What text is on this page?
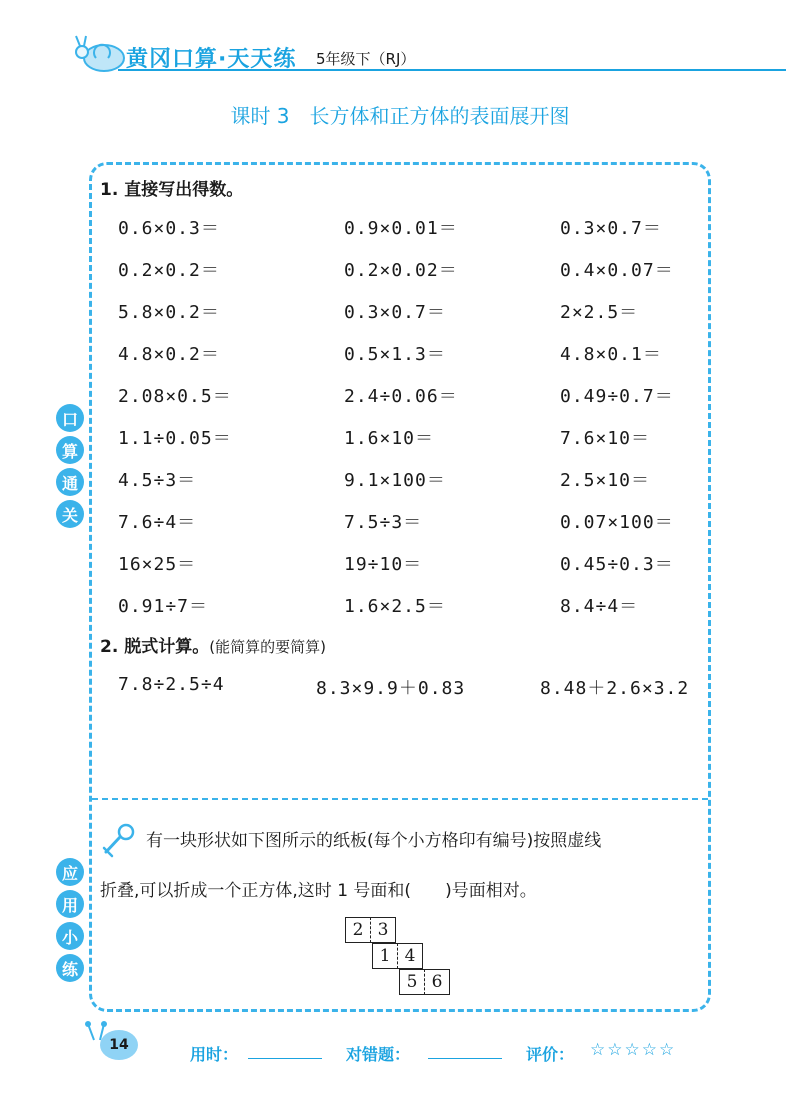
黄冈口算·天天练 5年级下（RJ）
课时 3　长方体和正方体的表面展开图
口
算
通
关
应
用
小
练
1. 直接写出得数。
0.6×0.3＝	0.9×0.01＝	0.3×0.7＝
0.2×0.2＝	0.2×0.02＝	0.4×0.07＝
5.8×0.2＝	0.3×0.7＝	2×2.5＝
4.8×0.2＝	0.5×1.3＝	4.8×0.1＝
2.08×0.5＝	2.4÷0.06＝	0.49÷0.7＝
1.1÷0.05＝	1.6×10＝	7.6×10＝
4.5÷3＝	9.1×100＝	2.5×10＝
7.6÷4＝	7.5÷3＝	0.07×100＝
16×25＝	19÷10＝	0.45÷0.3＝
0.91÷7＝	1.6×2.5＝	8.4÷4＝
2. 脱式计算。(能简算的要简算)
7.8÷2.5÷4	8.3×9.9＋0.83	8.48＋2.6×3.2
有一块形状如下图所示的纸板(每个小方格印有编号)按照虚线
折叠,可以折成一个正方体,这时 1 号面和(　　)号面相对。
2 3
1 4
5 6
14	用时：	对错题：	评价： ☆☆☆☆☆
